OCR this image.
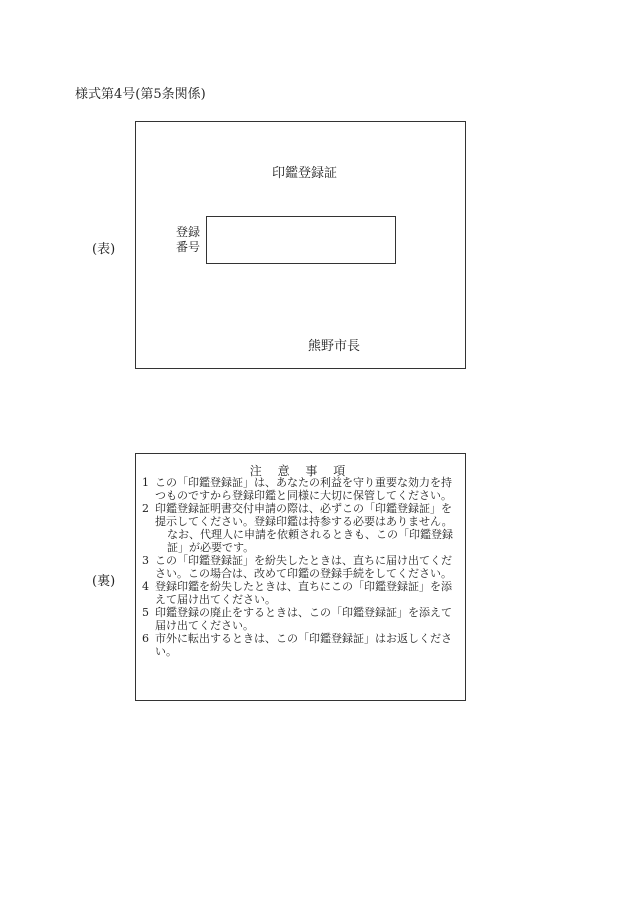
様式第4号(第5条関係)
(表)
印鑑登録証
登録
番号
熊野市長
(裏)
注 意 事 項
1 この「印鑑登録証」は、あなたの利益を守り重要な効力を持つものですから登録印鑑と同様に大切に保管してください。
2 印鑑登録証明書交付申請の際は、必ずこの「印鑑登録証」を提示してください。登録印鑑は持参する必要はありません。
なお、代理人に申請を依頼されるときも、この「印鑑登録証」が必要です。
3 この「印鑑登録証」を紛失したときは、直ちに届け出てください。この場合は、改めて印鑑の登録手続をしてください。
4 登録印鑑を紛失したときは、直ちにこの「印鑑登録証」を添えて届け出てください。
5 印鑑登録の廃止をするときは、この「印鑑登録証」を添えて届け出てください。
6 市外に転出するときは、この「印鑑登録証」はお返しください。
